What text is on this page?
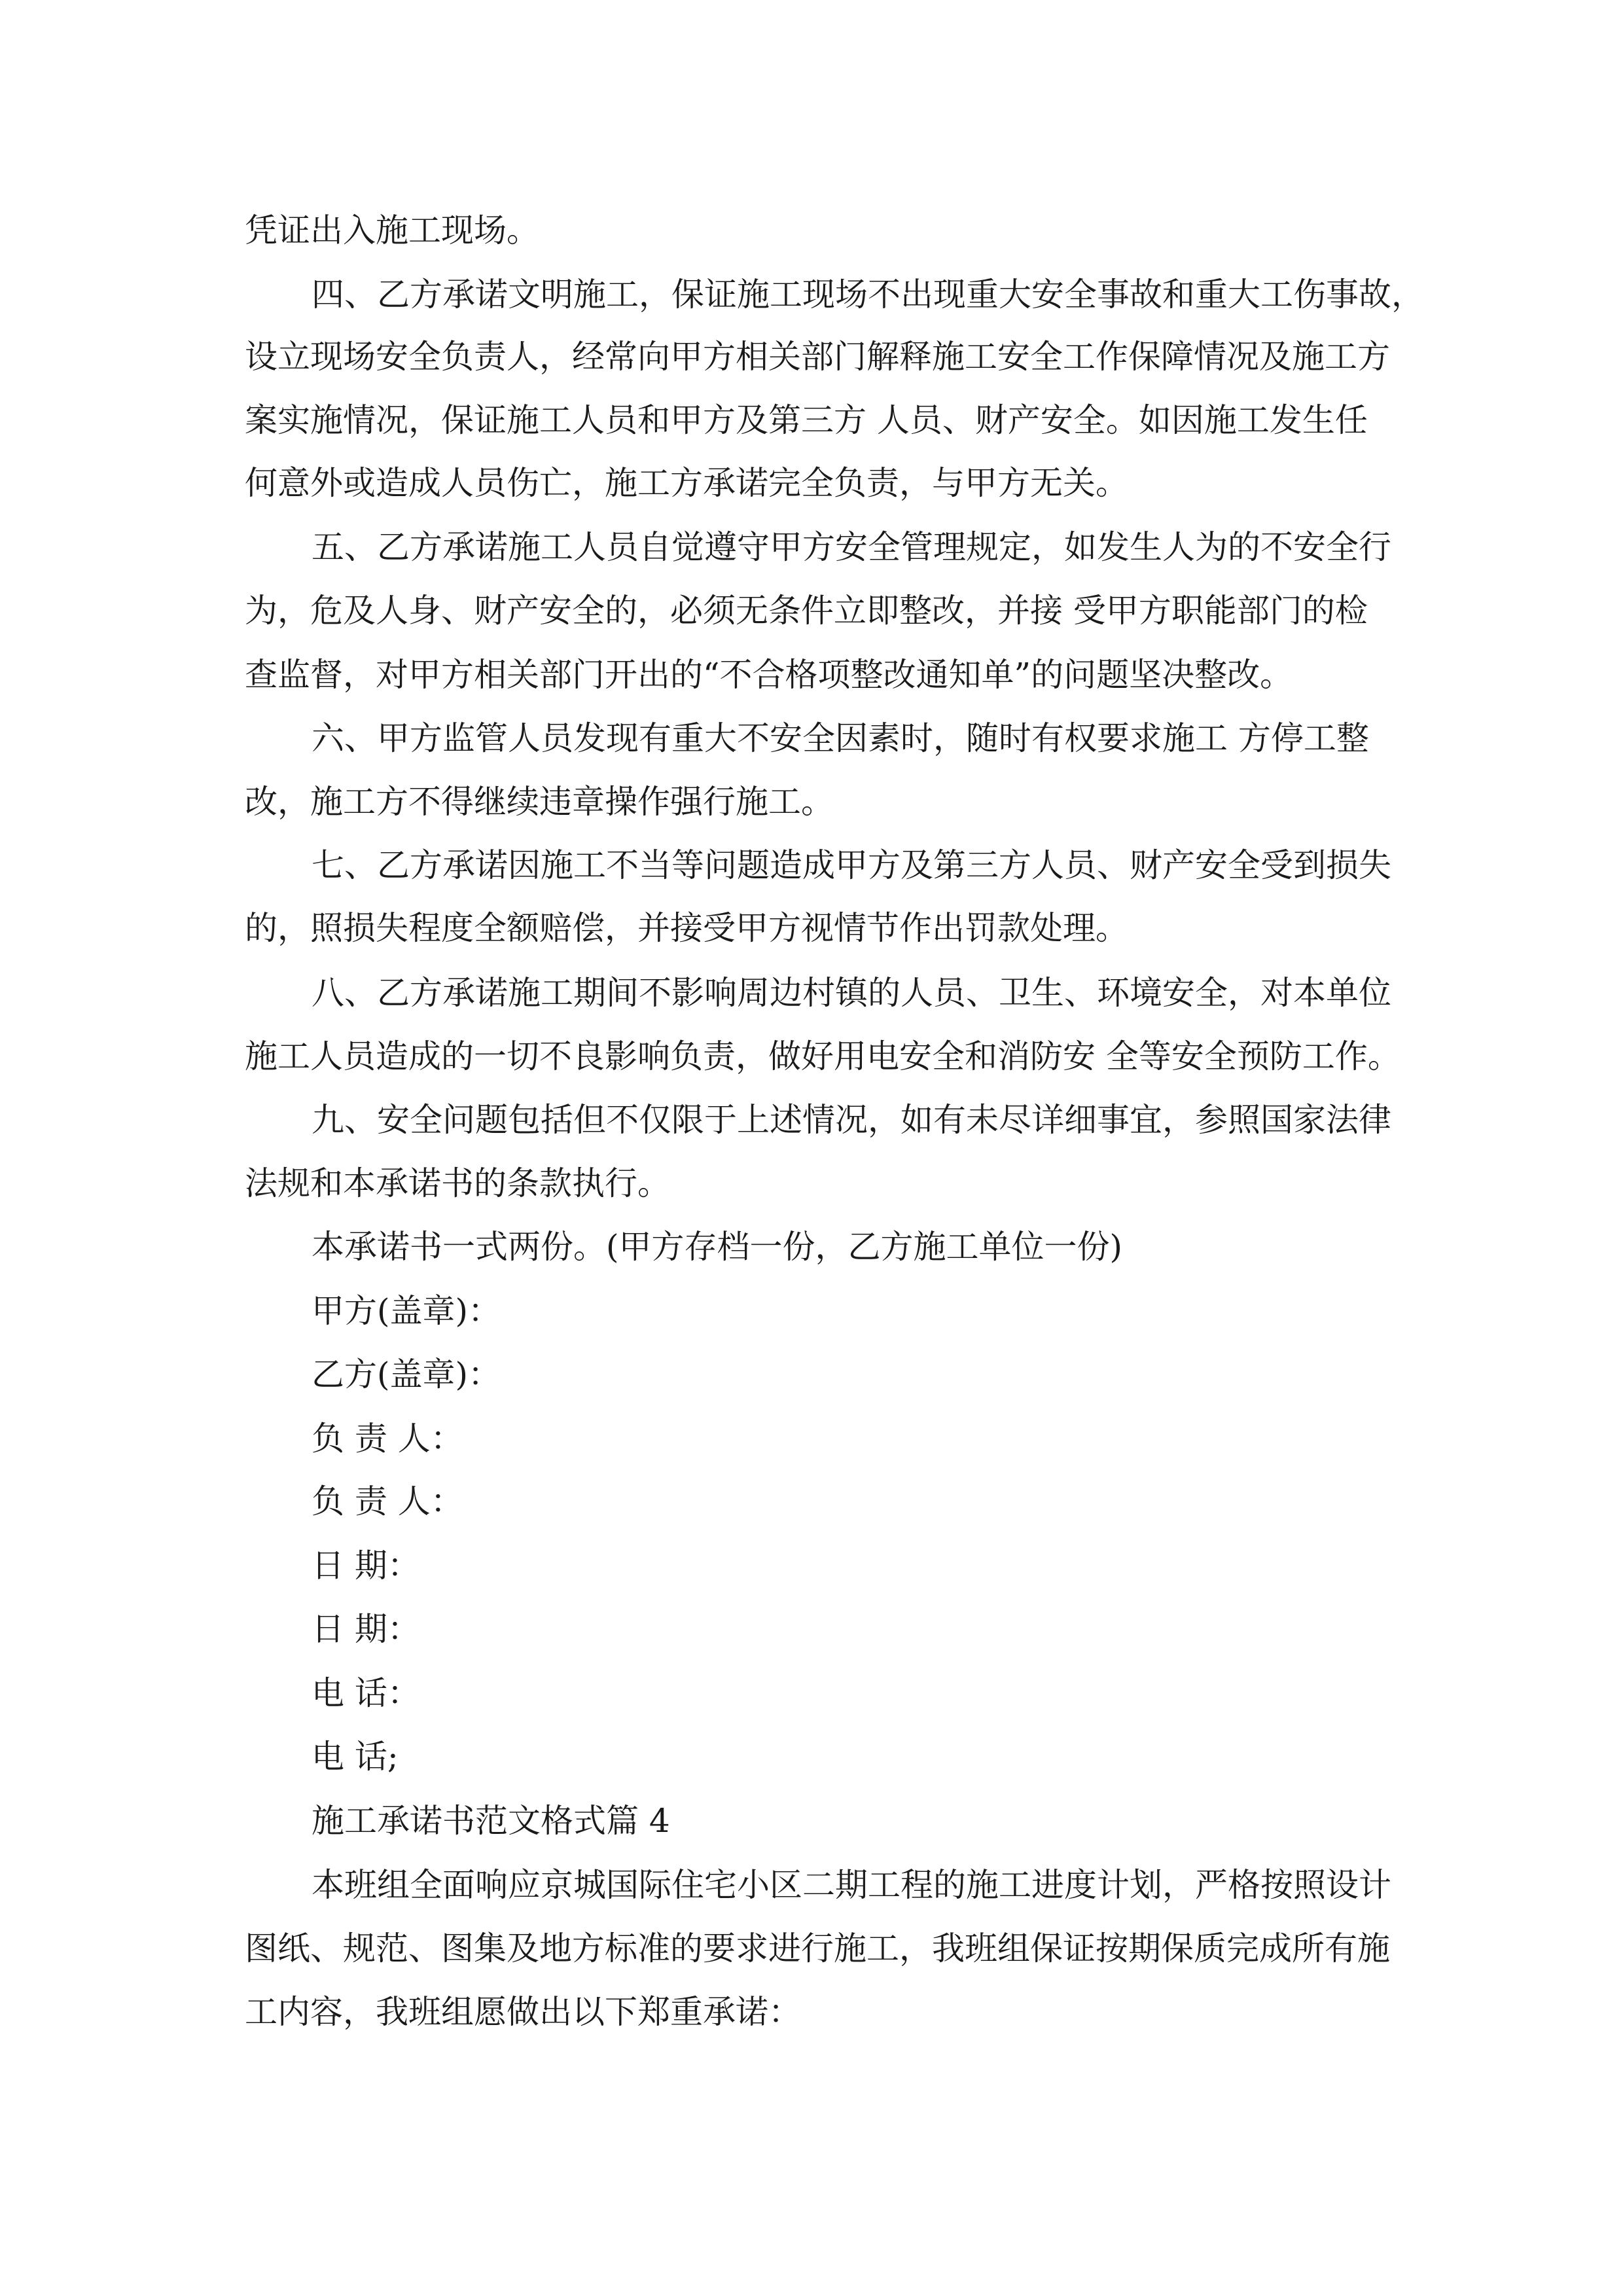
凭证出入施工现场。
四、乙方承诺文明施工，保证施工现场不出现重大安全事故和重大工伤事故，
设立现场安全负责人，经常向甲方相关部门解释施工安全工作保障情况及施工方
案实施情况，保证施工人员和甲方及第三方 人员、财产安全。如因施工发生任
何意外或造成人员伤亡，施工方承诺完全负责，与甲方无关。
五、乙方承诺施工人员自觉遵守甲方安全管理规定，如发生人为的不安全行
为，危及人身、财产安全的，必须无条件立即整改，并接 受甲方职能部门的检
查监督，对甲方相关部门开出的“不合格项整改通知单”的问题坚决整改。
六、甲方监管人员发现有重大不安全因素时，随时有权要求施工 方停工整
改，施工方不得继续违章操作强行施工。
七、乙方承诺因施工不当等问题造成甲方及第三方人员、财产安全受到损失
的，照损失程度全额赔偿，并接受甲方视情节作出罚款处理。
八、乙方承诺施工期间不影响周边村镇的人员、卫生、环境安全，对本单位
施工人员造成的一切不良影响负责，做好用电安全和消防安 全等安全预防工作。
九、安全问题包括但不仅限于上述情况，如有未尽详细事宜，参照国家法律
法规和本承诺书的条款执行。
本承诺书一式两份。(甲方存档一份，乙方施工单位一份)
甲方(盖章)：
乙方(盖章)：
负 责 人：
负 责 人：
日 期：
日 期：
电 话：
电 话;
施工承诺书范文格式篇 4
本班组全面响应京城国际住宅小区二期工程的施工进度计划，严格按照设计
图纸、规范、图集及地方标准的要求进行施工，我班组保证按期保质完成所有施
工内容，我班组愿做出以下郑重承诺：
